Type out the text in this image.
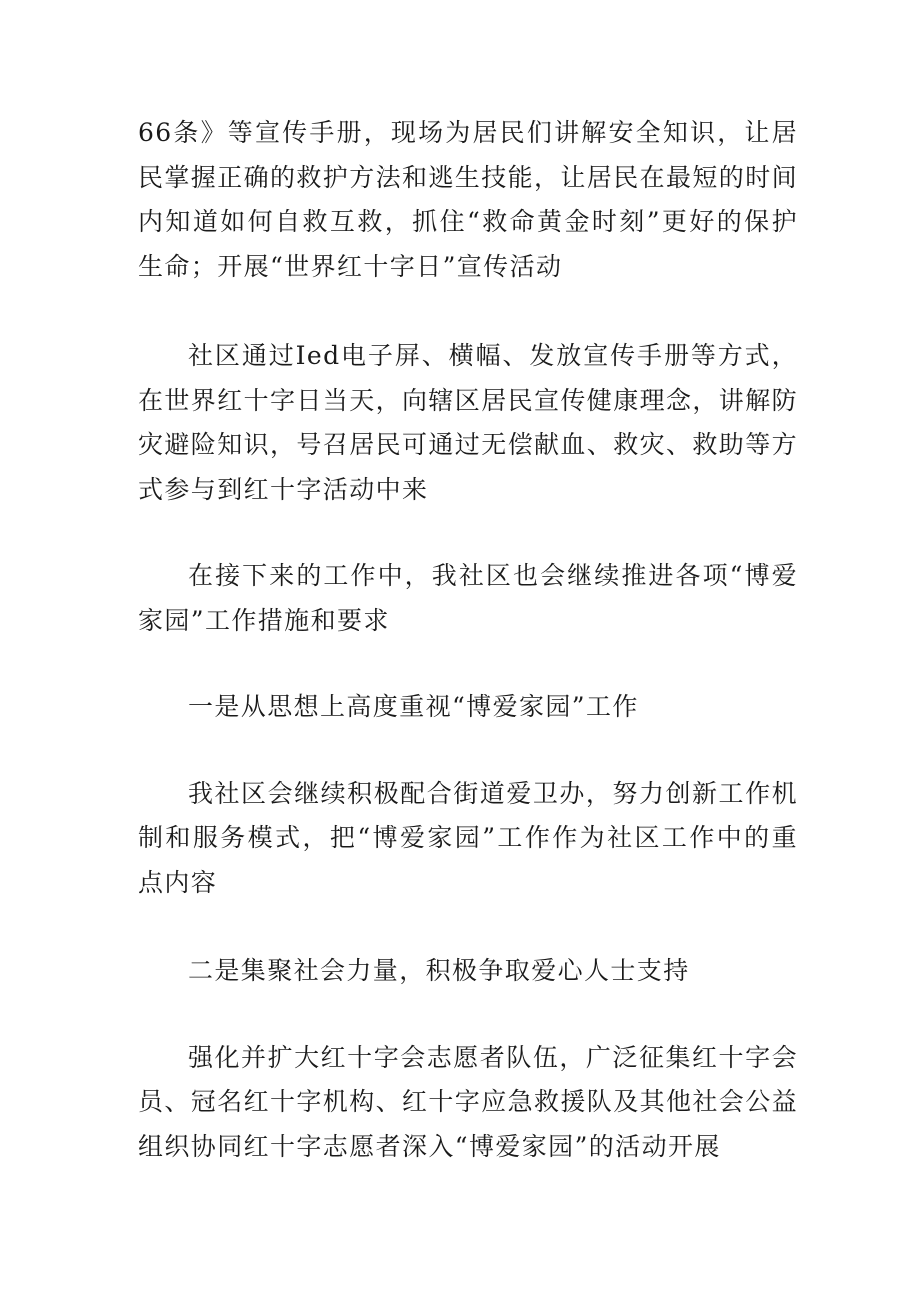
66条》等宣传手册，现场为居民们讲解安全知识，让居民掌握正确的救护方法和逃生技能，让居民在最短的时间内知道如何自救互救，抓住“救命黄金时刻”更好的保护生命；开展“世界红十字日”宣传活动

社区通过Ied电子屏、横幅、发放宣传手册等方式，在世界红十字日当天，向辖区居民宣传健康理念，讲解防灾避险知识，号召居民可通过无偿献血、救灾、救助等方式参与到红十字活动中来

在接下来的工作中，我社区也会继续推进各项“博爱家园”工作措施和要求

一是从思想上高度重视“博爱家园”工作

我社区会继续积极配合街道爱卫办，努力创新工作机制和服务模式，把“博爱家园”工作作为社区工作中的重点内容

二是集聚社会力量，积极争取爱心人士支持

强化并扩大红十字会志愿者队伍，广泛征集红十字会员、冠名红十字机构、红十字应急救援队及其他社会公益组织协同红十字志愿者深入“博爱家园”的活动开展
